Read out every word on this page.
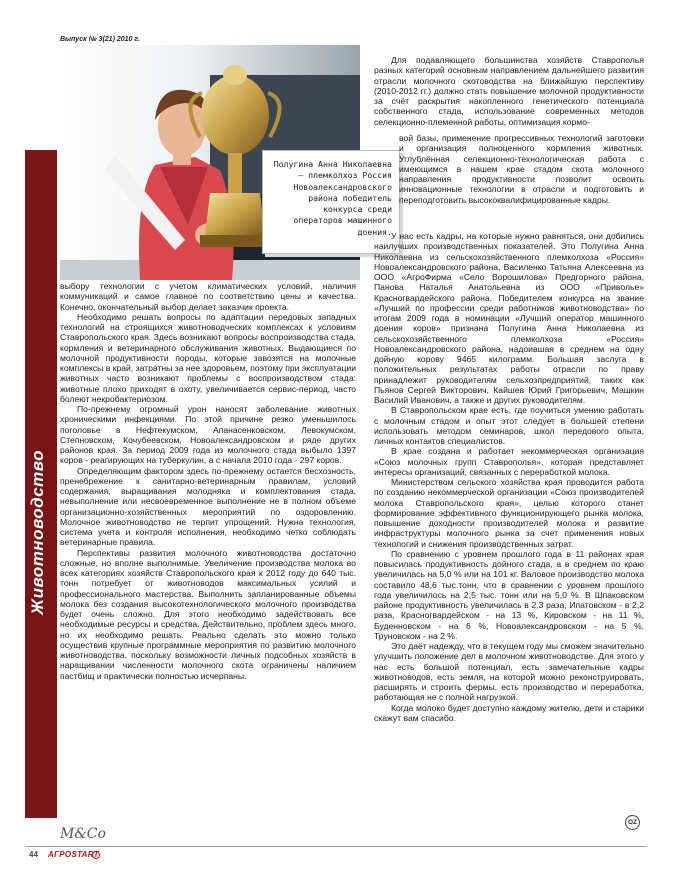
Выпуск № 3(21) 2010 г.
Животноводство
Полугина Анна Николаевна – племколхоз Россия Новоалександровского района победитель конкурса среди операторов машинного доения.

выбору технологии с учетом климатических условий, наличия коммуникаций и самое главное по соответствию цены и качества. Конечно, окончательный выбор делает заказчик проекта.

Необходимо решать вопросы по адаптации передовых западных технологий на строящихся животноводческих комплексах к условиям Ставропольского края. Здесь возникают вопросы воспроизводства стада, кормления и ветеринарного обслуживания животных. Выдающиеся по молочной продуктивности породы, которые завозятся на молочные комплексы в край, затратны за нее здоровьем, поэтому при эксплуатации животных часто возникают проблемы с воспроизводством стада: животные плохо приходят в охоту, увеличивается сервис-период, часто болеют некробактериозом.

По-прежнему огромный урон наносят заболевание животных хроническими инфекциями. По этой причине резко уменьшилось поголовье в Нефтекумском, Апанасенковском, Левокумском, Степновском, Кочубеевском, Новоалександровском и ряде других районов края. За период 2009 года из молочного стада выбыло 1397 коров - реагирующих на туберкулин, а с начала 2010 года - 297 коров.

Определяющим фактором здесь по-прежнему остается бесхозность, пренебрежение к санитарно-ветеринарным правилам, условий содержания, выращивания молодняка и комплектования стада, невыполнение или несвоевременное выполнение не в полном объеме организационно-хозяйственных мероприятий по оздоровлению. Молочное животноводство не терпит упрощений. Нужна технология, система учета и контроля исполнения, необходимо четко соблюдать ветеринарные правила.

Перспективы развития молочного животноводства достаточно сложные, но вполне выполнимые. Увеличение производства молока во всех категориях хозяйств Ставропольского края к 2012 году до 640 тыс. тонн потребует от животноводов максимальных усилий и профессионального мастерства. Выполнить запланированные объемы молока без создания высокотехнологического молочного производства будет очень сложно. Для этого необходимо задействовать все необходимые ресурсы и средства. Действительно, проблем здесь много, но их необходимо решать. Реально сделать это можно только осуществив крупные программные мероприятия по развитию молочного животноводства, поскольку возможности личных подсобных хозяйств в наращивании численности молочного скота ограничены наличием пастбищ и практически полностью исчерпаны.

Для подавляющего большинства хозяйств Ставрополья разных категорий основным направлением дальнейшего развития отрасли молочного скотоводства на ближайшую перспективу (2010-2012 гг.) должно стать повышение молочной продуктивности за счёт раскрытия накопленного генетического потенциала собственного стада, использование современных методов селекционно-племенной работы, оптимизация кормо-

вой базы, применение прогрессивных технологий заготовки и организация полноценного кормления животных. Углублённая селекционно-технологическая работа с имеющимся в нашем крае стадом скота молочного направления продуктивности позволит освоить инновационные технологии в отрасли и подготовить и переподготовить высококвалифицированные кадры.

У нас есть кадры, на которые нужно равняться, они добились наилучших производственных показателей. Это Полугина Анна Николаевна из сельскохозяйственного племколхоза «Россия» Новоалександровского района, Василенко Татьяна Алексеевна из ООО «АгроФирма «Село Ворошилова» Предгорного района, Панова Наталья Анатольевна из ООО «Приволье» Красногвардейского района. Победителем конкурса на звание «Лучший по профессии среди работников животноводства» по итогам 2009 года в номинации «Лучший оператор машинного доения коров» признана Полугина Анна Николаевна из сельскохозяйственного племколхоза «Россия» Новоалександровского района, надоившая в среднем на одну дойную корову 9465 килограмм. Большая заслуга в положительных результатах работы отрасли по праву принадлежит руководителям сельхозпредприятий, таких как Пьянов Сергей Викторович, Кайшев Юрий Григорьевич, Машкин Василий Иванович, а также и других руководителям.

В Ставропольском крае есть, где поучиться умению работать с молочным стадом и опыт этот следует в большей степени использовать методом семинаров, школ передового опыта, личных контактов специалистов.

В крае создана и работает некоммерческая организация «Союз молочных групп Ставрополья», которая представляет интересы организаций, связанных с переработкой молока.

Министерством сельского хозяйства края проводится работа по созданию некоммерческой организации «Союз производителей молока Ставропольского края», целью которого станет формирование эффективного функционирующего рынка молока, повышение доходности производителей молока и развитие инфраструктуры молочного рынка за счет применения новых технологий и снижения производственных затрат.

По сравнению с уровнем прошлого года в 11 районах края повысилась продуктивность дойного стада, а в среднем по краю увеличилась на 5,0 % или на 101 кг. Валовое производство молока составило 48,6 тыс.тонн, что в сравнении с уровнем прошлого года увеличилось на 2,5 тыс. тонн или на 5,0 %. В Шпаковском районе продуктивность увеличилась в 2,3 раза, Ипатовском - в 2,2 раза, Красногвардейском - на 13 %, Кировском - на 11 %, Буденновском - на 6 %, Новоалександровском - на 5 %, Труновском - на 2 %.

Это даёт надежду, что в текущем году мы сможем значительно улучшить положение дел в молочном животноводстве. Для этого у нас есть большой потенциал, есть замечательные кадры животноводов, есть земля, на которой можно реконструировать, расширять и строить фермы, есть производство и переработка, работающая не с полной нагрузкой.

Когда молоко будет доступно каждому жителю, дети и старики скажут вам спасибо.

OZ
M&Co
44 АГРОSTART
